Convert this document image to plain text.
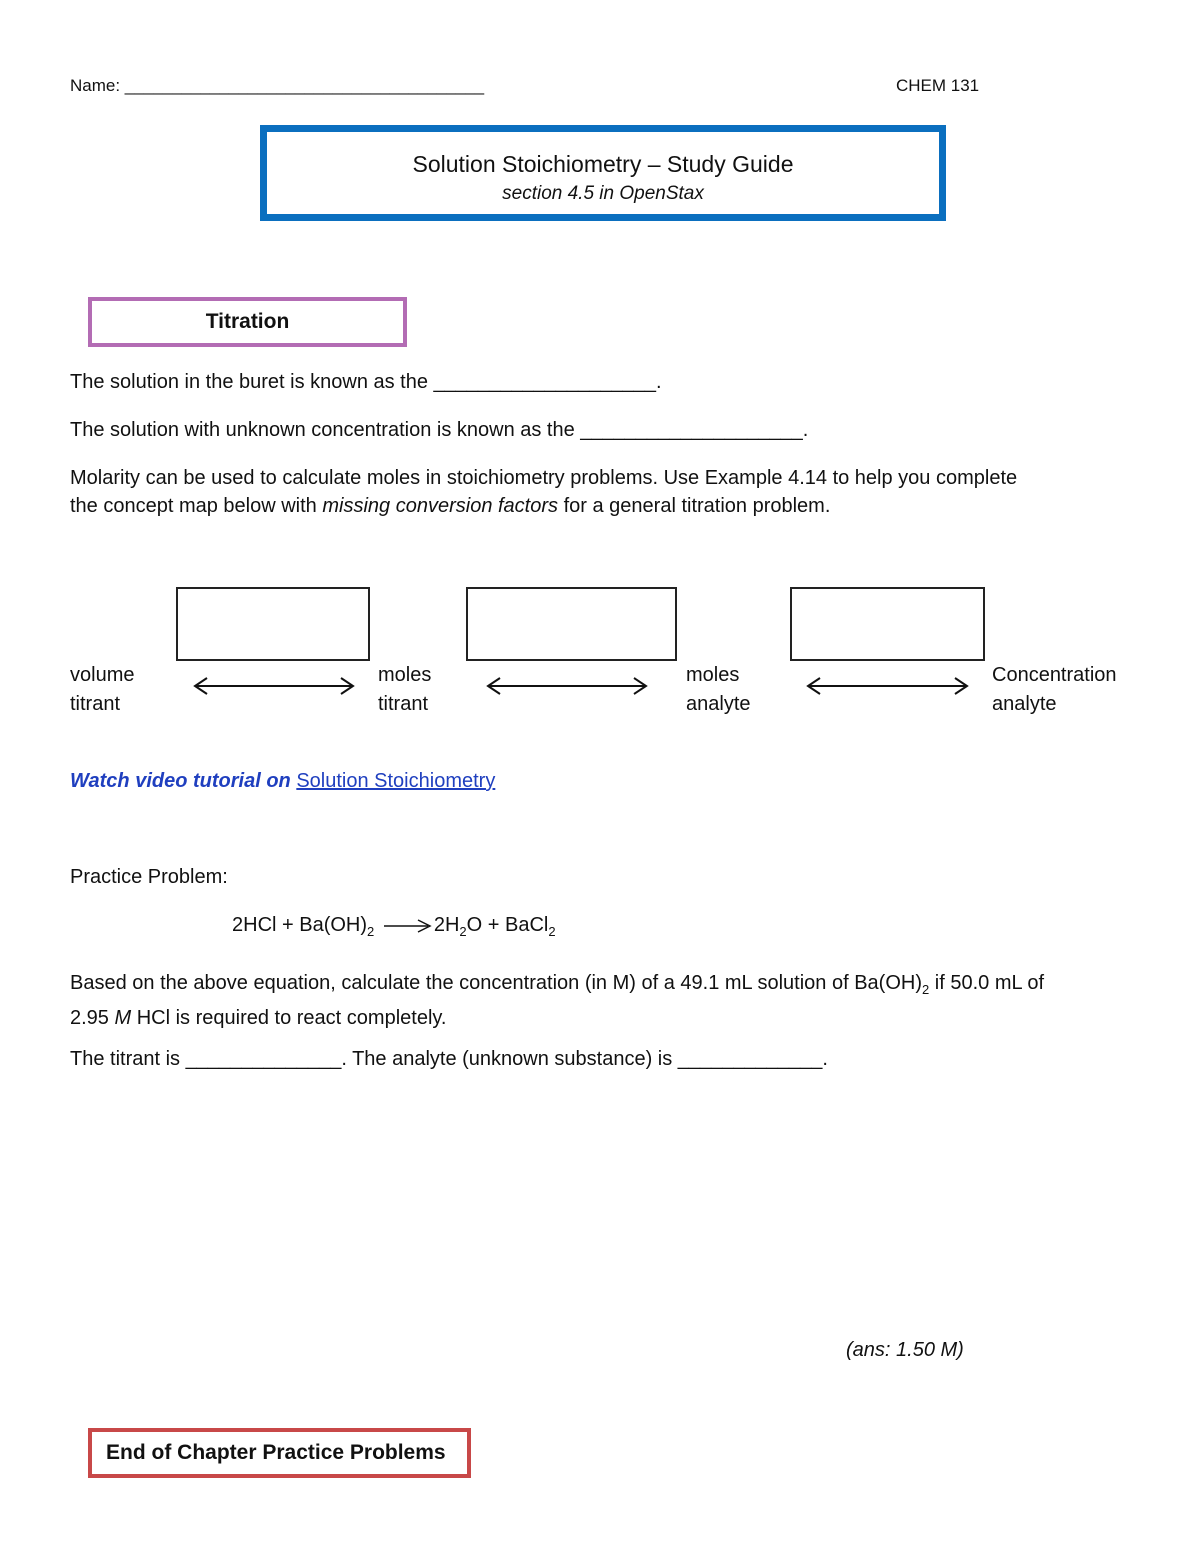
Name: ______________________________________	CHEM 131
Solution Stoichiometry – Study Guide
section 4.5 in OpenStax
Titration
The solution in the buret is known as the ____________________.
The solution with unknown concentration is known as the ____________________.
Molarity can be used to calculate moles in stoichiometry problems. Use Example 4.14 to help you complete
the concept map below with missing conversion factors for a general titration problem.
volume
titrant
moles
titrant
moles
analyte
Concentration
analyte
Watch video tutorial on Solution Stoichiometry
Practice Problem:
$2HCl + Ba(OH)_2 \to 2H_2O$ + BaCl$_2$
Based on the above equation, calculate the concentration (in M) of a 49.1 mL solution of $Ba(OH)_2$ if 50.0 mL of
2.95 M HCl is required to react completely.
The titrant is ______________. The analyte (unknown substance) is _____________.
(ans: 1.50 M)
End of Chapter Practice Problems
